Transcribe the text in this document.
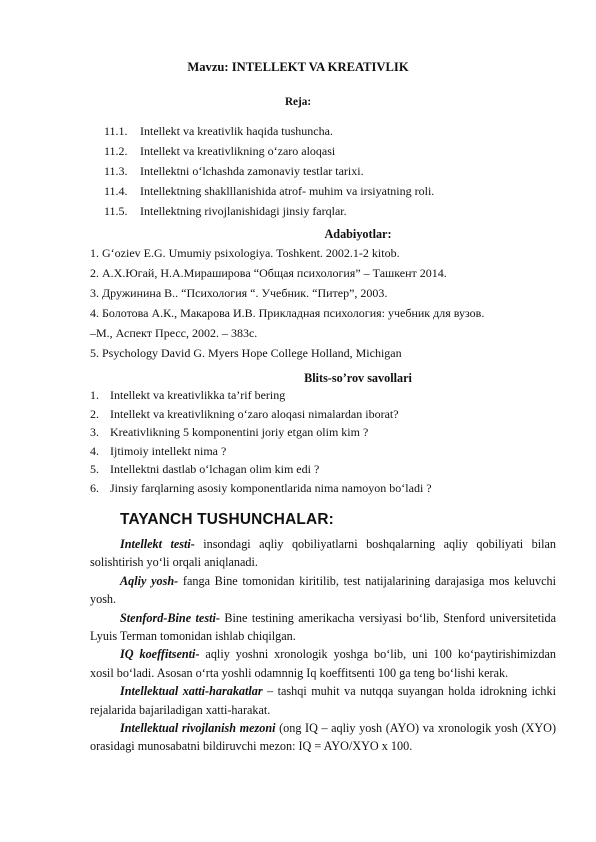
Mavzu: INTELLEKT VA KREATIVLIK
Reja:
11.1.	Intellekt va kreativlik haqida tushuncha.
11.2.	Intellekt va kreativlikning o‘zaro aloqasi
11.3.	Intellektni o‘lchashda zamonaviy testlar tarixi.
11.4.	Intellektning shaklllanishida atrof- muhim va irsiyatning roli.
11.5.	Intellektning rivojlanishidagi jinsiy farqlar.
Adabiyotlar:
1. G‘oziev E.G. Umumiy psixologiya. Toshkent. 2002.1-2 kitob.
2. А.Х.Югай, Н.А.Мирашировa “Общая психология” – Ташкент 2014.
3. Дружинина В.. “Психология “. Учебник. “Питер”, 2003.
4. Болотова А.К., Макарова И.В. Прикладная психология: учебник для вузов.
–М., Аспект Пресс, 2002. – 383с.
5. Psychology David G. Myers Hope College Holland, Michigan
Blits-so’rov savollari
1. Intellekt va kreativlikka ta’rif bering
2. Intellekt va kreativlikning o‘zaro aloqasi nimalardan iborat?
3. Kreativlikning 5 komponentini joriy etgan olim kim ?
4. Ijtimoiy intellekt nima ?
5. Intellektni dastlab o‘lchagan olim kim edi ?
6. Jinsiy farqlarning asosiy komponentlarida nima namoyon bo‘ladi ?
TAYANCH TUSHUNCHALAR:

Intellekt testi- insondagi aqliy qobiliyatlarni boshqalarning aqliy qobiliyati bilan solishtirish yo‘li orqali aniqlanadi.

Aqliy yosh- fanga Bine tomonidan kiritilib, test natijalarining darajasiga mos keluvchi yosh.

Stenford-Bine testi- Bine testining amerikacha versiyasi bo‘lib, Stenford universitetida Lyuis Terman tomonidan ishlab chiqilgan.

IQ koeffitsenti- aqliy yoshni xronologik yoshga bo‘lib, uni 100 ko‘paytirishimizdan xosil bo‘ladi. Asosan o‘rta yoshli odamnnig Iq koeffitsenti 100 ga teng bo‘lishi kerak.

Intellektual xatti-harakatlar – tashqi muhit va nutqqa suyangan holda idrokning ichki rejalarida bajariladigan xatti-harakat.

Intellektual rivojlanish mezoni (ong IQ – aqliy yosh (AYO) va xronologik yosh (XYO) orasidagi munosabatni bildiruvchi mezon: IQ = AYO/XYO x 100.
